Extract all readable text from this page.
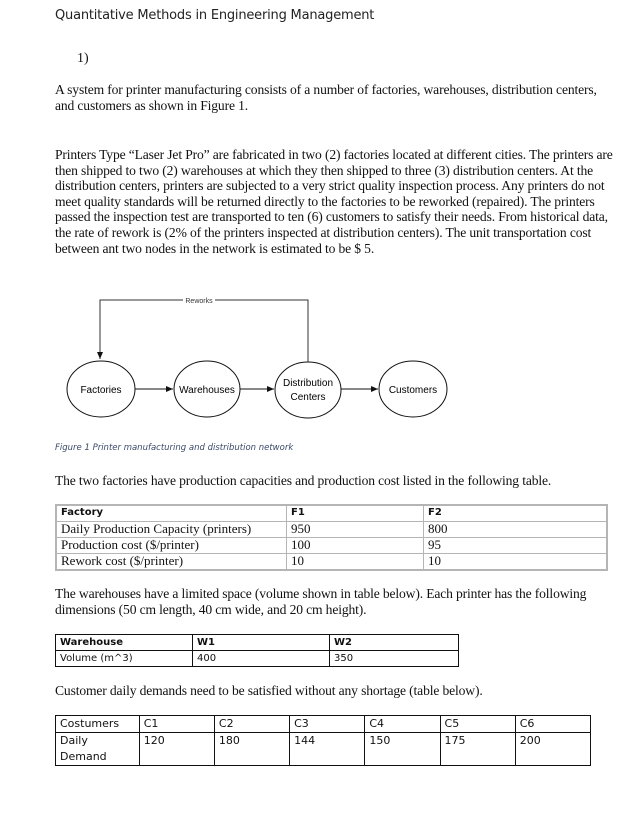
Quantitative Methods in Engineering Management
1)
A system for printer manufacturing consists of a number of factories, warehouses, distribution centers, and customers as shown in Figure 1.
Printers Type “Laser Jet Pro” are fabricated in two (2) factories located at different cities. The printers are then shipped to two (2) warehouses at which they then shipped to three (3) distribution centers. At the distribution centers, printers are subjected to a very strict quality inspection process. Any printers do not meet quality standards will be returned directly to the factories to be reworked (repaired). The printers passed the inspection test are transported to ten (6) customers to satisfy their needs. From historical data, the rate of rework is (2% of the printers inspected at distribution centers). The unit transportation cost between ant two nodes in the network is estimated to be $ 5.
Reworks
Factories	Warehouses
Distribution
Centers
Customers
Figure 1 Printer manufacturing and distribution network
The two factories have production capacities and production cost listed in the following table.
Factory	F1	F2
Daily Production Capacity (printers)	950	800
Production cost ($/printer)	100	95
Rework cost ($/printer)	10	10
The warehouses have a limited space (volume shown in table below). Each printer has the following dimensions (50 cm length, 40 cm wide, and 20 cm height).
Warehouse	W1	W2
Volume (m^3)	400	350
Customer daily demands need to be satisfied without any shortage (table below).
Costumers	C1	C2	C3	C4	C5	C6
Daily Demand	120	180	144	150	175	200
